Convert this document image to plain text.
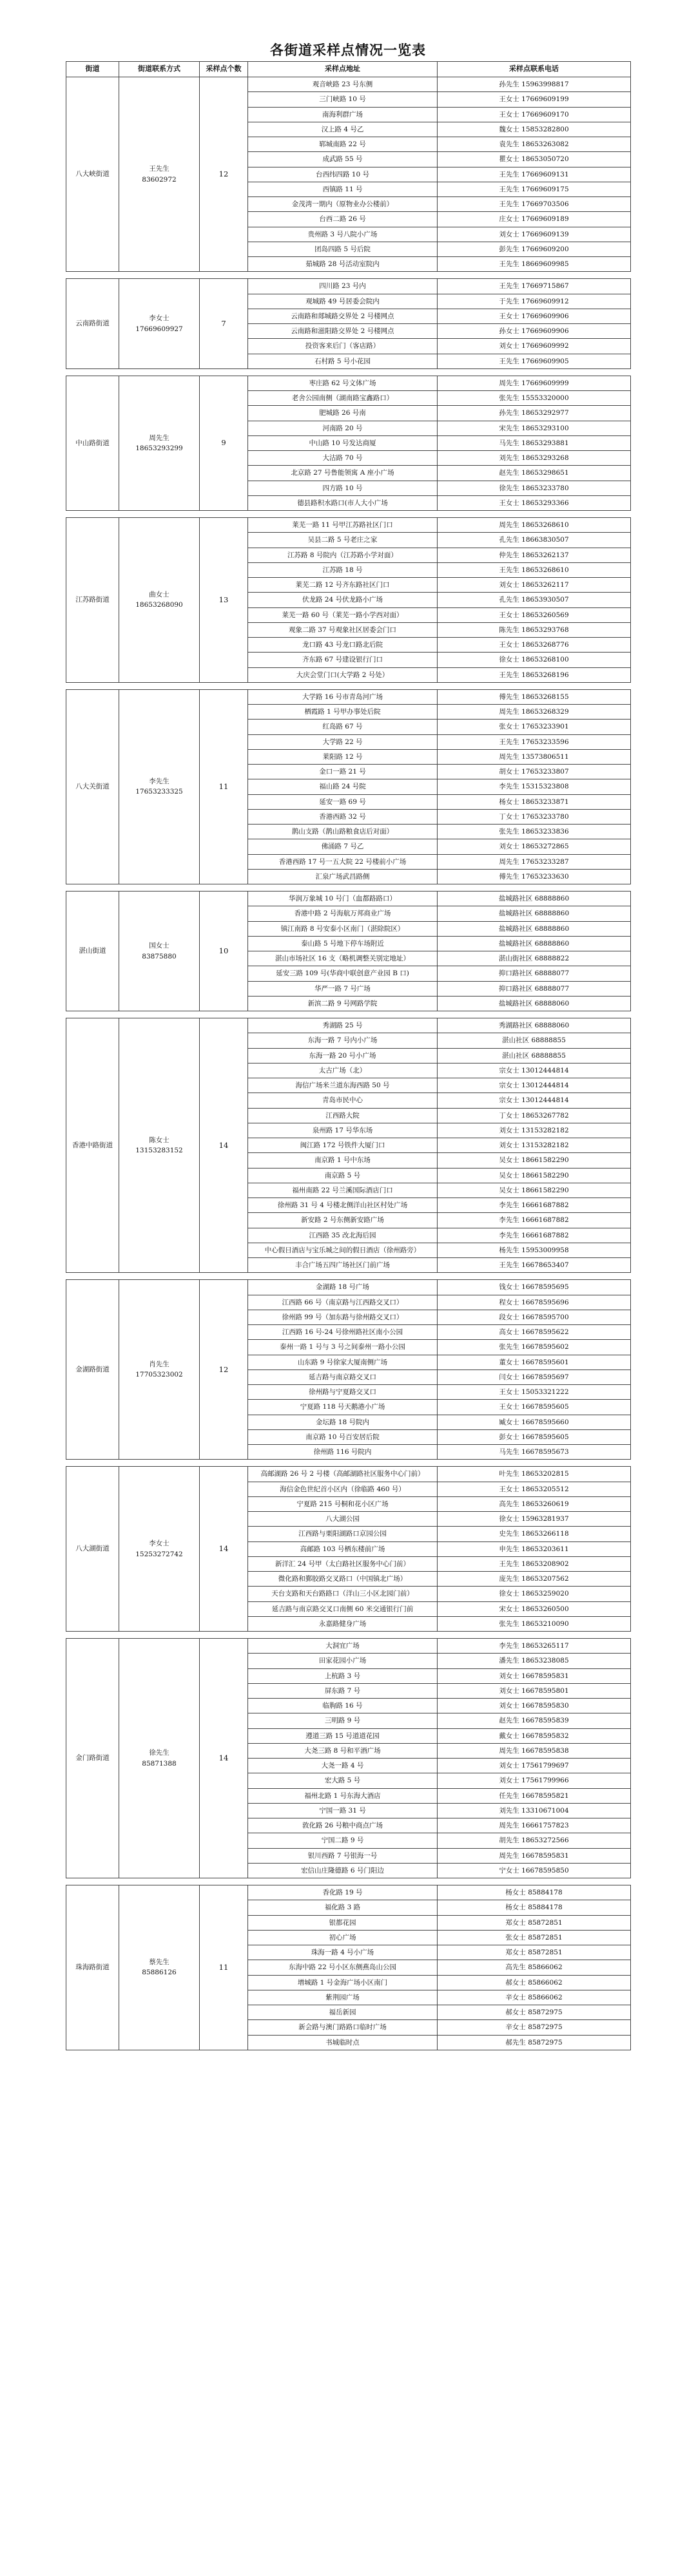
各街道采样点情况一览表
街道	街道联系方式	采样点个数	采样点地址	采样点联系电话
八大峡街道	王先生
83602972	12	观音峡路 23 号东侧	孙先生 15963998817
			三门峡路 10 号	王女士 17669609199
			南海利群广场	王女士 17669609170
			汉上路 4 号乙	魏女士 15853282800
			郓城南路 22 号	袁先生 18653263082
			成武路 55 号	瞿女士 18653050720
			台西纬四路 10 号	王先生 17669609131
			西镇路 11 号	王先生 17669609175
			金茂湾一期内（原物业办公楼前）	王先生 17669703506
			台西二路 26 号	庄女士 17669609189
			贵州路 3 号八院小广场	刘女士 17669609139
			团岛四路 5 号后院	彭先生 17669609200
			茹城路 28 号活动室院内	王先生 18669609985

云南路街道	李女士
17669609927	7	四川路 23 号内	王先生 17669715867
			观城路 49 号居委会院内	于先生 17669609912
			云南路和郯城路交界处 2 号楼网点	王女士 17669609906
			云南路和滋阳路交界处 2 号楼网点	孙女士 17669609906
			投资客来后门（客店路）	刘女士 17669609992
			石村路 5 号小花园	王先生 17669609905

中山路街道	周先生
18653293299	9	枣庄路 62 号文体广场	周先生 17669609999
			老舍公园南侧（湖南路宝鑫路口）	张先生 15553320000
			肥城路 26 号南	孙先生 18653292977
			河南路 20 号	宋先生 18653293100
			中山路 10 号发达商厦	马先生 18653293881
			大沽路 70 号	刘先生 18653293268
			北京路 27 号鲁能领寓 A 座小广场	赵先生 18653298651
			四方路 10 号	徐先生 18653233780
			德县路积水路口(市人大小广场	王女士 18653293366

江苏路街道	曲女士
18653268090	13	莱芜一路 11 号甲江苏路社区门口	周先生 18653268610
			吴县二路 5 号老庄之家	孔先生 18663830507
			江苏路 8 号院内（江苏路小学对面）	仲先生 18653262137
			江苏路 18 号	王先生 18653268610
			莱芜二路 12 号齐东路社区门口	刘女士 18653262117
			伏龙路 24 号伏龙路小广场	孔先生 18653930507
			莱芜一路 60 号（莱芜一路小学西对面）	王女士 18653260569
			观象二路 37 号观象社区居委会门口	陈先生 18653293768
			龙口路 43 号龙口路北后院	王女士 18653268776
			齐东路 67 号建设银行门口	徐女士 18653268100
			大庆会堂门口(大学路 2 号处）	王先生 18653268196

八大关街道	李先生
17653233325	11	大学路 16 号市青岛河广场	傅先生 18653268155
			栖霞路 1 号甲办事处后院	周先生 18653268329
			红岛路 67 号	张女士 17653233901
			大学路 22 号	王先生 17653233596
			莱阳路 12 号	周先生 13573806511
			金口一路 21 号	胡女士 17653233807
			福山路 24 号院	李先生 15315323808
			延安一路 69 号	杨女士 18653233871
			香港西路 32 号	丁女士 17653233780
			鹊山支路（鹊山路粮食店后对面）	张先生 18653233836
			佛涌路 7 号乙	刘女士 18653272865
			香港西路 17 号一五大院 22 号楼前小广场	周先生 17653233287
			汇泉广场武昌路侧	傅先生 17653233630

湛山街道	国女士
83875880	10	华润万象城 10 号门（血都路路口）	盐城路社区 68888860
			香港中路 2 号海航万邦商业广场	盐城路社区 68888860
			镇江南路 8 号安泰小区南门（湛除院区）	盐城路社区 68888860
			泰山路 5 号地下停车场附近	盐城路社区 68888860
			湛山市场社区 16 支（略机调整关别定地址）	湛山街社区 68888822
			延安三路 109 号(华商中联创意产业园 B 口)	抑口路社区 68888077
			华严一路 7 号广场	抑口路社区 68888077
			新滨二路 9 号网路学院	盐城路社区 68888060

香港中路街道	陈女士
13153283152	14	秀湖路 25 号	秀湖路社区 68888060
			东海一路 7 号内小广场	湛山社区 68888855
			东海一路 20 号小广场	湛山社区 68888855
			太古广场（北）	宗女士 13012444814
			海信广场米兰道东海西路 50 号	宗女士 13012444814
			青岛市民中心	宗女士 13012444814
			江西路大院	丁女士 18653267782
			泉州路 17 号华东场	刘女士 13153282182
			闽江路 172 号铁件大厦门口	刘女士 13153282182
			南京路 1 号中东场	吴女士 18661582290
			南京路 5 号	吴女士 18661582290
			福州南路 22 号兰溪国际酒店门口	吴女士 18661582290
			徐州路 31 号 4 号楼北侧洋山社区村处广场	李先生 16661687882
			新安路 2 号东侧新安路广场	李先生 16661687882
			江西路 35 改北海后园	李先生 16661687882
			中心假日酒店与宝乐城之间的假日酒店（徐州路旁）	杨先生 15953009958
			丰合广场五四广场社区门前广场	王先生 16678653407

金湖路街道	肖先生
17705323002	12	金湖路 18 号广场	钱女士 16678595695
			江西路 66 号（南京路与江西路交叉口）	程女士 16678595696
			徐州路 99 号（加东路与徐州路交叉口）	段女士 16678595700
			江西路 16 号-24 号徐州路社区南小公园	高女士 16678595622
			泰州一路 1 号与 3 号之间泰州一路小公园	张先生 16678595602
			山东路 9 号徐家大厦南侧广场	董女士 16678595601
			延吉路与南京路交叉口	闫女士 16678595697
			徐州路与宁夏路交叉口	王女士 15053321222
			宁夏路 118 号天鹅港小广场	王女士 16678595605
			金坛路 18 号院内	臧女士 16678595660
			南京路 10 号百安居后院	彭女士 16678595605
			徐州路 116 号院内	马先生 16678595673

八大湖街道	李女士
15253272742	14	高邮湖路 26 号 2 号楼（高邮湖路社区服务中心门前）	叶先生 18653202815
			海信金色世纪首小区内（徐临路 460 号）	王女士 18653205512
			宁夏路 215 号桐和花小区广场	高先生 18653260619
			八大湖公园	徐女士 15963281937
			江西路与栗阳湖路口京园公园	史先生 18653266118
			高邮路 103 号栖东楼前广场	申先生 18653203611
			新洋汇 24 号甲（太白路社区服务中心门前）	王先生 18653208902
			微化路和鄞胶路交叉路口（中国镇北广场）	庞先生 18653207562
			天台支路和天台路路口（洋山三小区北园门前）	徐女士 18653259020
			延吉路与南京路交叉口南侧 60 米交通银行门前	宋女士 18653260500
			永嘉路健身广场	张先生 18653210090

金门路街道	徐先生
85871388	14	大洞宜广场	李先生 18653265117
			田家花园小广场	潘先生 18653238085
			上杭路 3 号	刘女士 16678595831
			屏东路 7 号	刘女士 16678595801
			临朐路 16 号	刘女士 16678595830
			三明路 9 号	赵先生 16678595839
			遵道三路 15 号道道花园	戴女士 16678595832
			大尧三路 8 号和平酒广场	周先生 16678595838
			大尧一路 4 号	刘女士 17561799697
			宏大路 5 号	刘女士 17561799966
			福州北路 1 号东海大酒店	任先生 16678595821
			宁国一路 31 号	刘先生 13310671004
			敦化路 26 号粮中商点广场	周先生 16661757823
			宁国二路 9 号	胡先生 18653272566
			银川西路 7 号银海一号	周先生 16678595831
			宏信山庄隆德路 6 号门阳边	宁女士 16678595850

珠海路街道	蔡先生
85886126	11	香化路 19 号	杨女士 85884178
			福化路 3 路	杨女士 85884178
			银都花园	郑女士 85872851
			初心广场	张女士 85872851
			珠海一路 4 号小广场	郑女士 85872851
			东海中路 22 号小区东侧燕岛山公园	高先生 85866062
			增城路 1 号金海广场小区南门	郝女士 85866062
			紫荆园广场	辛女士 85866062
			福岳新园	郝女士 85872975
			新会路与澳门路路口临时广场	辛女士 85872975
			书城临时点	郝先生 85872975
